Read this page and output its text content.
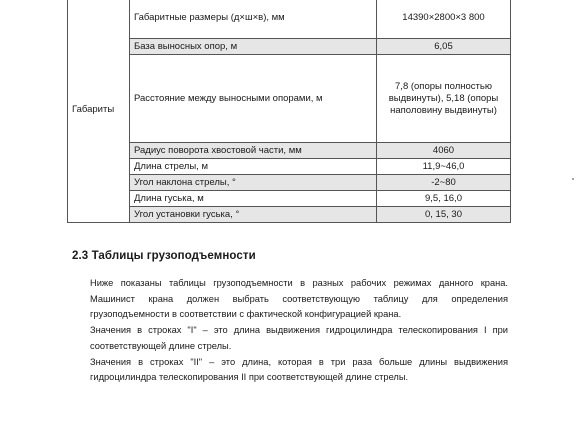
Габариты	Габаритные размеры (д×ш×в), мм	14390×2800×3 800
	База выносных опор, м	6,05
	Расстояние между выносными опорами, м	7,8 (опоры полностью выдвинуты), 5,18 (опоры наполовину выдвинуты)
	Радиус поворота хвостовой части, мм	4060
	Длина стрелы, м	11,9~46,0
	Угол наклона стрелы, °	-2~80
	Длина гуська, м	9,5, 16,0
	Угол установки гуська, °	0, 15, 30
2.3 Таблицы грузоподъемности

Ниже показаны таблицы грузоподъемности в разных рабочих режимах данного крана. Машинист крана должен выбрать соответствующую таблицу для определения грузоподъемности в соответствии с фактической конфигурацией крана.

Значения в строках "I" – это длина выдвижения гидроцилиндра телескопирования I при соответствующей длине стрелы.

Значения в строках "II" – это длина, которая в три раза больше длины выдвижения гидроцилиндра телескопирования II при соответствующей длине стрелы.
